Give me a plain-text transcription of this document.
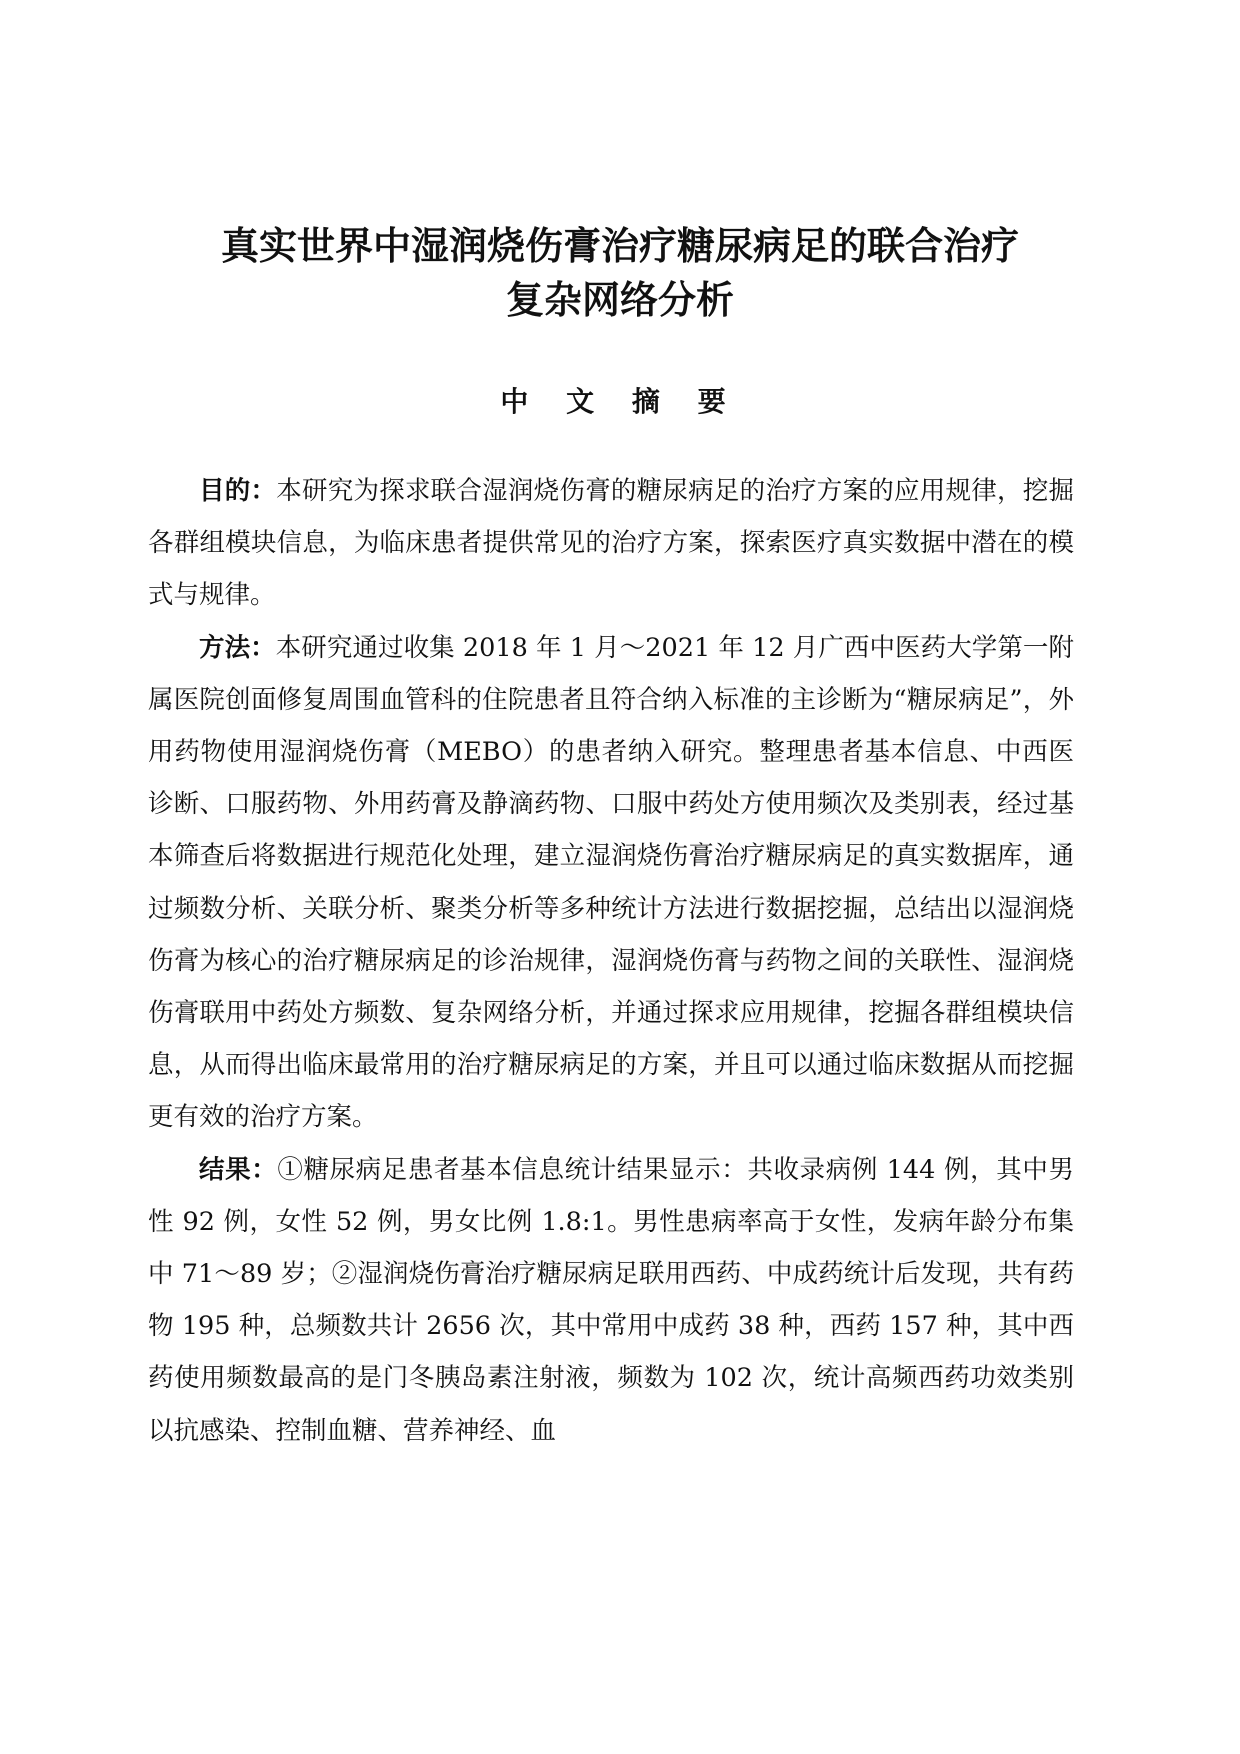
真实世界中湿润烧伤膏治疗糖尿病足的联合治疗
复杂网络分析
中 文 摘 要

目的：本研究为探求联合湿润烧伤膏的糖尿病足的治疗方案的应用规律，挖掘各群组模块信息，为临床患者提供常见的治疗方案，探索医疗真实数据中潜在的模式与规律。

方法：本研究通过收集 2018 年 1 月～2021 年 12 月广西中医药大学第一附属医院创面修复周围血管科的住院患者且符合纳入标准的主诊断为“糖尿病足”，外用药物使用湿润烧伤膏（MEBO）的患者纳入研究。整理患者基本信息、中西医诊断、口服药物、外用药膏及静滴药物、口服中药处方使用频次及类别表，经过基本筛查后将数据进行规范化处理，建立湿润烧伤膏治疗糖尿病足的真实数据库，通过频数分析、关联分析、聚类分析等多种统计方法进行数据挖掘，总结出以湿润烧伤膏为核心的治疗糖尿病足的诊治规律，湿润烧伤膏与药物之间的关联性、湿润烧伤膏联用中药处方频数、复杂网络分析，并通过探求应用规律，挖掘各群组模块信息，从而得出临床最常用的治疗糖尿病足的方案，并且可以通过临床数据从而挖掘更有效的治疗方案。

结果：①糖尿病足患者基本信息统计结果显示：共收录病例 144 例，其中男性 92 例，女性 52 例，男女比例 1.8:1。男性患病率高于女性，发病年龄分布集中 71～89 岁；②湿润烧伤膏治疗糖尿病足联用西药、中成药统计后发现，共有药物 195 种，总频数共计 2656 次，其中常用中成药 38 种，西药 157 种，其中西药使用频数最高的是门冬胰岛素注射液，频数为 102 次，统计高频西药功效类别以抗感染、控制血糖、营养神经、血
